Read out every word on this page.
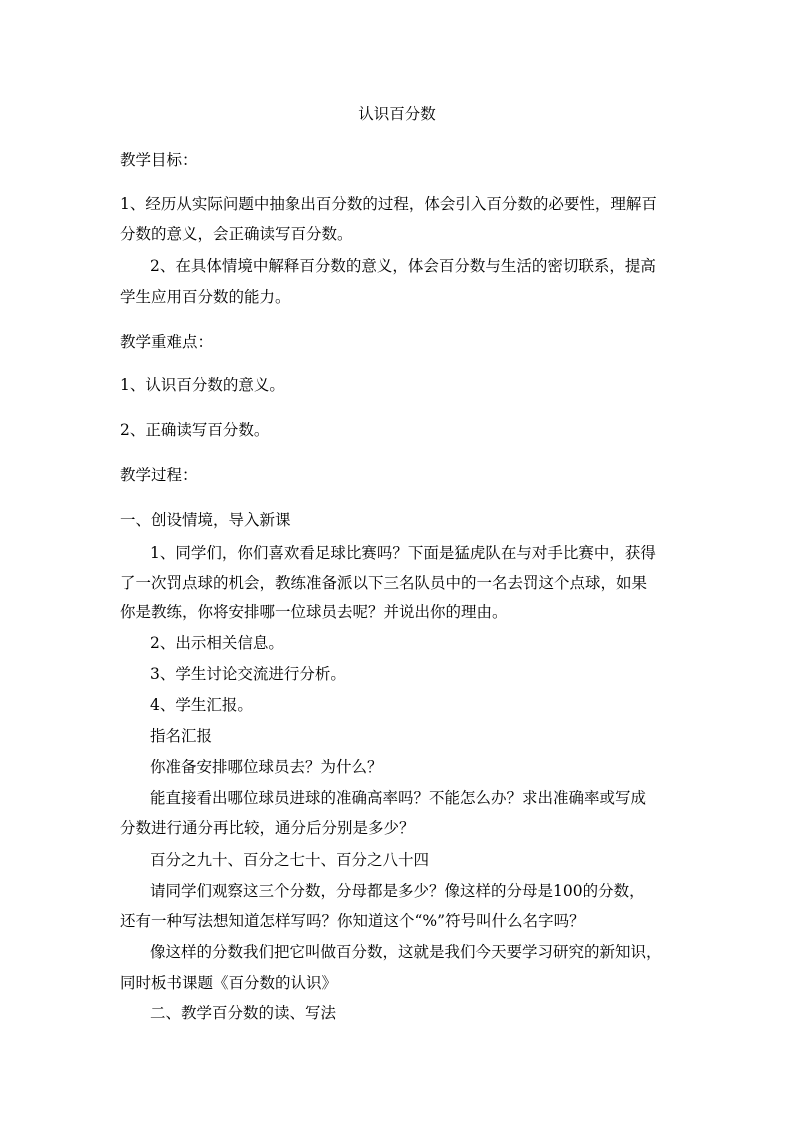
认识百分数
教学目标：
1、经历从实际问题中抽象出百分数的过程，体会引入百分数的必要性，理解百
分数的意义，会正确读写百分数。
2、在具体情境中解释百分数的意义，体会百分数与生活的密切联系，提高
学生应用百分数的能力。
教学重难点：
1、认识百分数的意义。
2、正确读写百分数。
教学过程：
一、创设情境，导入新课
1、同学们，你们喜欢看足球比赛吗？下面是猛虎队在与对手比赛中，获得
了一次罚点球的机会，教练准备派以下三名队员中的一名去罚这个点球，如果
你是教练，你将安排哪一位球员去呢？并说出你的理由。
2、出示相关信息。
3、学生讨论交流进行分析。
4、学生汇报。
指名汇报
你准备安排哪位球员去？为什么？
能直接看出哪位球员进球的准确高率吗？不能怎么办？求出准确率或写成
分数进行通分再比较，通分后分别是多少？
百分之九十、百分之七十、百分之八十四
请同学们观察这三个分数，分母都是多少？像这样的分母是100的分数，
还有一种写法想知道怎样写吗？你知道这个“%”符号叫什么名字吗？
像这样的分数我们把它叫做百分数，这就是我们今天要学习研究的新知识，
同时板书课题《百分数的认识》
二、教学百分数的读、写法
